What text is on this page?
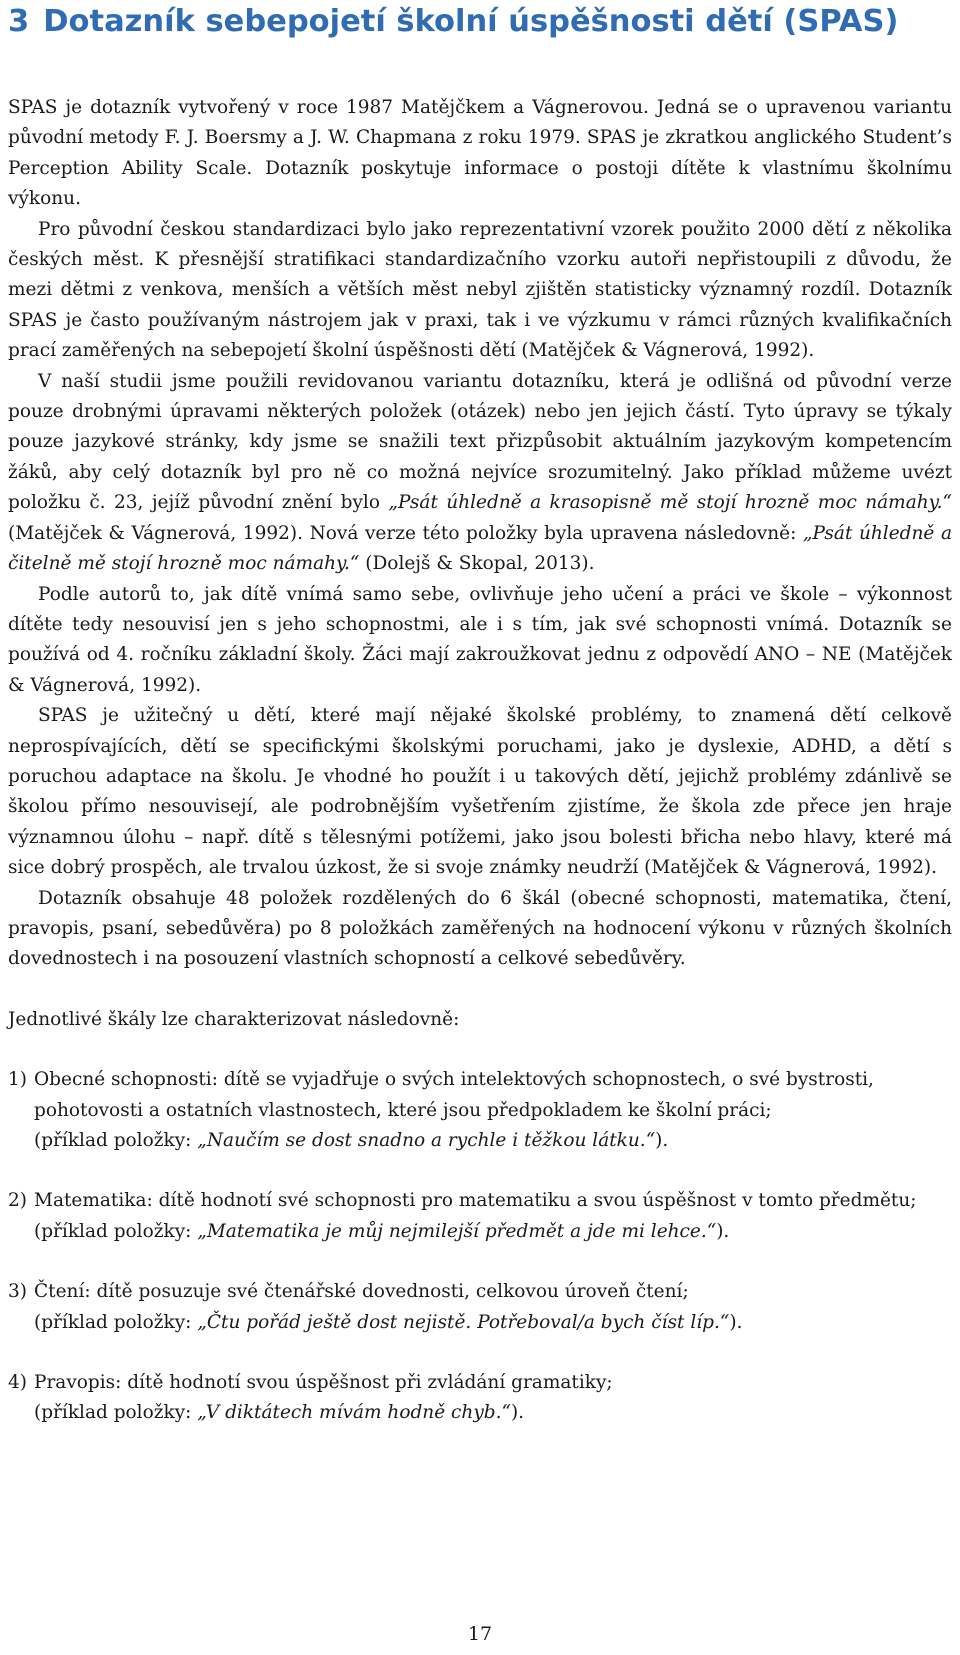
3 Dotazník sebepojetí školní úspěšnosti dětí (SPAS)

SPAS je dotazník vytvořený v roce 1987 Matějčkem a Vágnerovou. Jedná se o upravenou variantu původní metody F. J. Boersmy a J. W. Chapmana z roku 1979. SPAS je zkratkou anglického Student’s Perception Ability Scale. Dotazník poskytuje informace o postoji dítěte k vlastnímu školnímu výkonu.

Pro původní českou standardizaci bylo jako reprezentativní vzorek použito 2000 dětí z několika českých měst. K přesnější stratifikaci standardizačního vzorku autoři nepřistoupili z důvodu, že mezi dětmi z venkova, menších a větších měst nebyl zjištěn statisticky významný rozdíl. Dotazník SPAS je často používaným nástrojem jak v praxi, tak i ve výzkumu v rámci různých kvalifikačních prací zaměřených na sebepojetí školní úspěšnosti dětí (Matějček & Vágnerová, 1992).

V naší studii jsme použili revidovanou variantu dotazníku, která je odlišná od původní verze pouze drobnými úpravami některých položek (otázek) nebo jen jejich částí. Tyto úpravy se týkaly pouze jazykové stránky, kdy jsme se snažili text přizpůsobit aktuálním jazykovým kompetencím žáků, aby celý dotazník byl pro ně co možná nejvíce srozumitelný. Jako příklad můžeme uvézt položku č. 23, jejíž původní znění bylo „Psát úhledně a krasopisně mě stojí hrozně moc námahy.“ (Matějček & Vágnerová, 1992). Nová verze této položky byla upravena následovně: „Psát úhledně a čitelně mě stojí hrozně moc námahy.“ (Dolejš & Skopal, 2013).

Podle autorů to, jak dítě vnímá samo sebe, ovlivňuje jeho učení a práci ve škole – výkonnost dítěte tedy nesouvisí jen s jeho schopnostmi, ale i s tím, jak své schopnosti vnímá. Dotazník se používá od 4. ročníku základní školy. Žáci mají zakroužkovat jednu z odpovědí ANO – NE (Matějček & Vágnerová, 1992).

SPAS je užitečný u dětí, které mají nějaké školské problémy, to znamená dětí celkově neprospívajících, dětí se specifickými školskými poruchami, jako je dyslexie, ADHD, a dětí s poruchou adaptace na školu. Je vhodné ho použít i u takových dětí, jejichž problémy zdánlivě se školou přímo nesouvisejí, ale podrobnějším vyšetřením zjistíme, že škola zde přece jen hraje významnou úlohu – např. dítě s tělesnými potížemi, jako jsou bolesti břicha nebo hlavy, které má sice dobrý prospěch, ale trvalou úzkost, že si svoje známky neudrží (Matějček & Vágnerová, 1992).

Dotazník obsahuje 48 položek rozdělených do 6 škál (obecné schopnosti, matematika, čtení, pravopis, psaní, sebedůvěra) po 8 položkách zaměřených na hodnocení výkonu v různých školních dovednostech i na posouzení vlastních schopností a celkové sebedůvěry.

Jednotlivé škály lze charakterizovat následovně:

1) Obecné schopnosti: dítě se vyjadřuje o svých intelektových schopnostech, o své bystrosti, pohotovosti a ostatních vlastnostech, které jsou předpokladem ke školní práci;
(příklad položky: „Naučím se dost snadno a rychle i těžkou látku.“).
2) Matematika: dítě hodnotí své schopnosti pro matematiku a svou úspěšnost v tomto předmětu;
(příklad položky: „Matematika je můj nejmilejší předmět a jde mi lehce.“).
3) Čtení: dítě posuzuje své čtenářské dovednosti, celkovou úroveň čtení;
(příklad položky: „Čtu pořád ještě dost nejistě. Potřeboval/a bych číst líp.“).
4) Pravopis: dítě hodnotí svou úspěšnost při zvládání gramatiky;
(příklad položky: „V diktátech mívám hodně chyb.“).
17
